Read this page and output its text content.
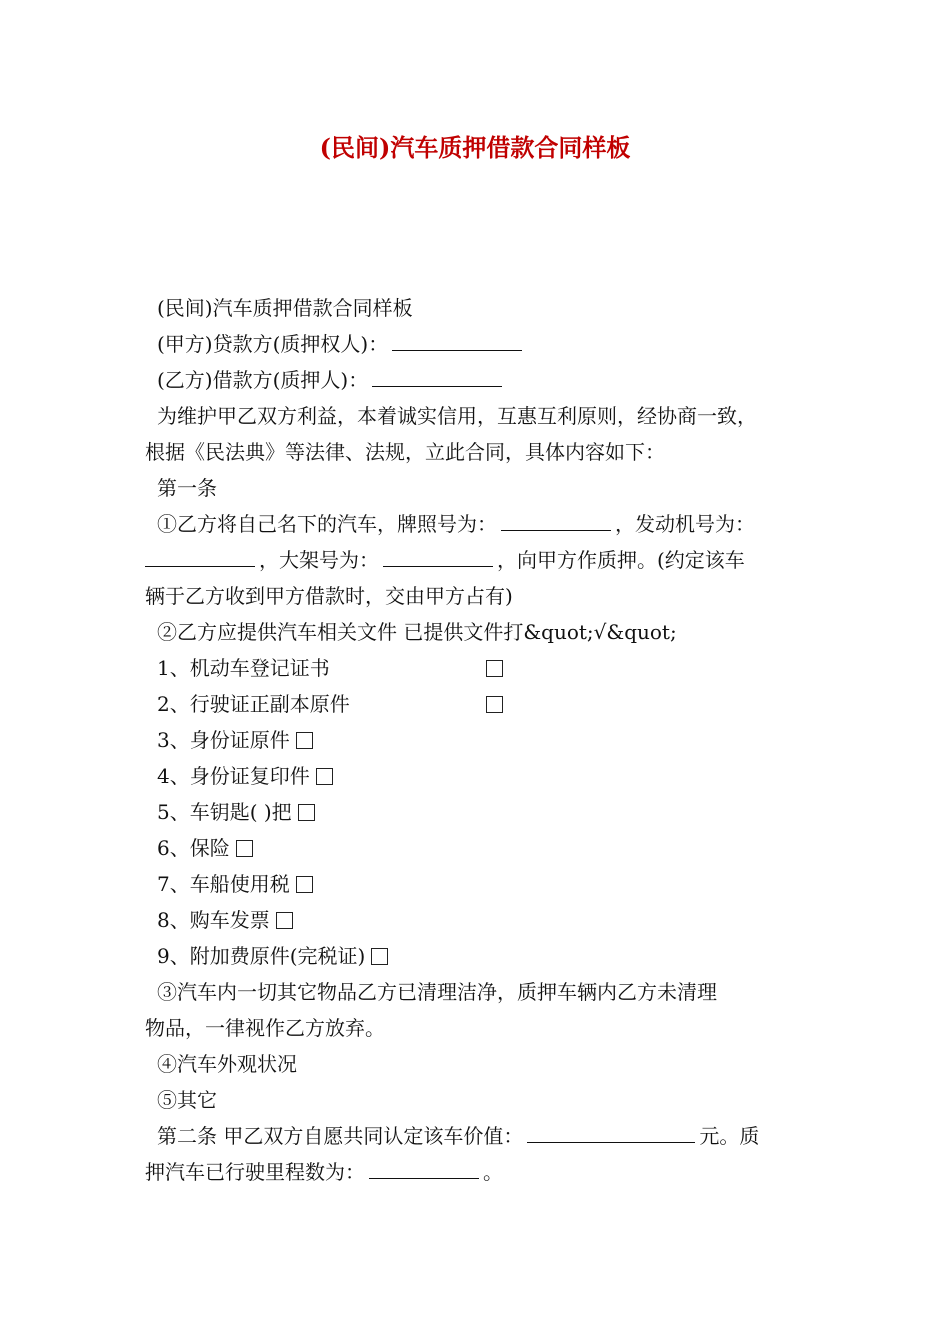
(民间)汽车质押借款合同样板
(民间)汽车质押借款合同样板
(甲方)贷款方(质押权人)：
(乙方)借款方(质押人)：
为维护甲乙双方利益，本着诚实信用，互惠互利原则，经协商一致，
根据《民法典》等法律、法规，立此合同，具体内容如下：
第一条
①乙方将自己名下的汽车，牌照号为：	，发动机号为：
，大架号为：	，向甲方作质押。(约定该车
辆于乙方收到甲方借款时，交由甲方占有)
②乙方应提供汽车相关文件 已提供文件打&quot;√&quot;
1、机动车登记证书
2、行驶证正副本原件
3、身份证原件
4、身份证复印件
5、车钥匙( )把
6、保险
7、车船使用税
8、购车发票
9、附加费原件(完税证)
③汽车内一切其它物品乙方已清理洁净，质押车辆内乙方未清理
物品，一律视作乙方放弃。
④汽车外观状况
⑤其它
第二条 甲乙双方自愿共同认定该车价值：	元。质
押汽车已行驶里程数为：	。
